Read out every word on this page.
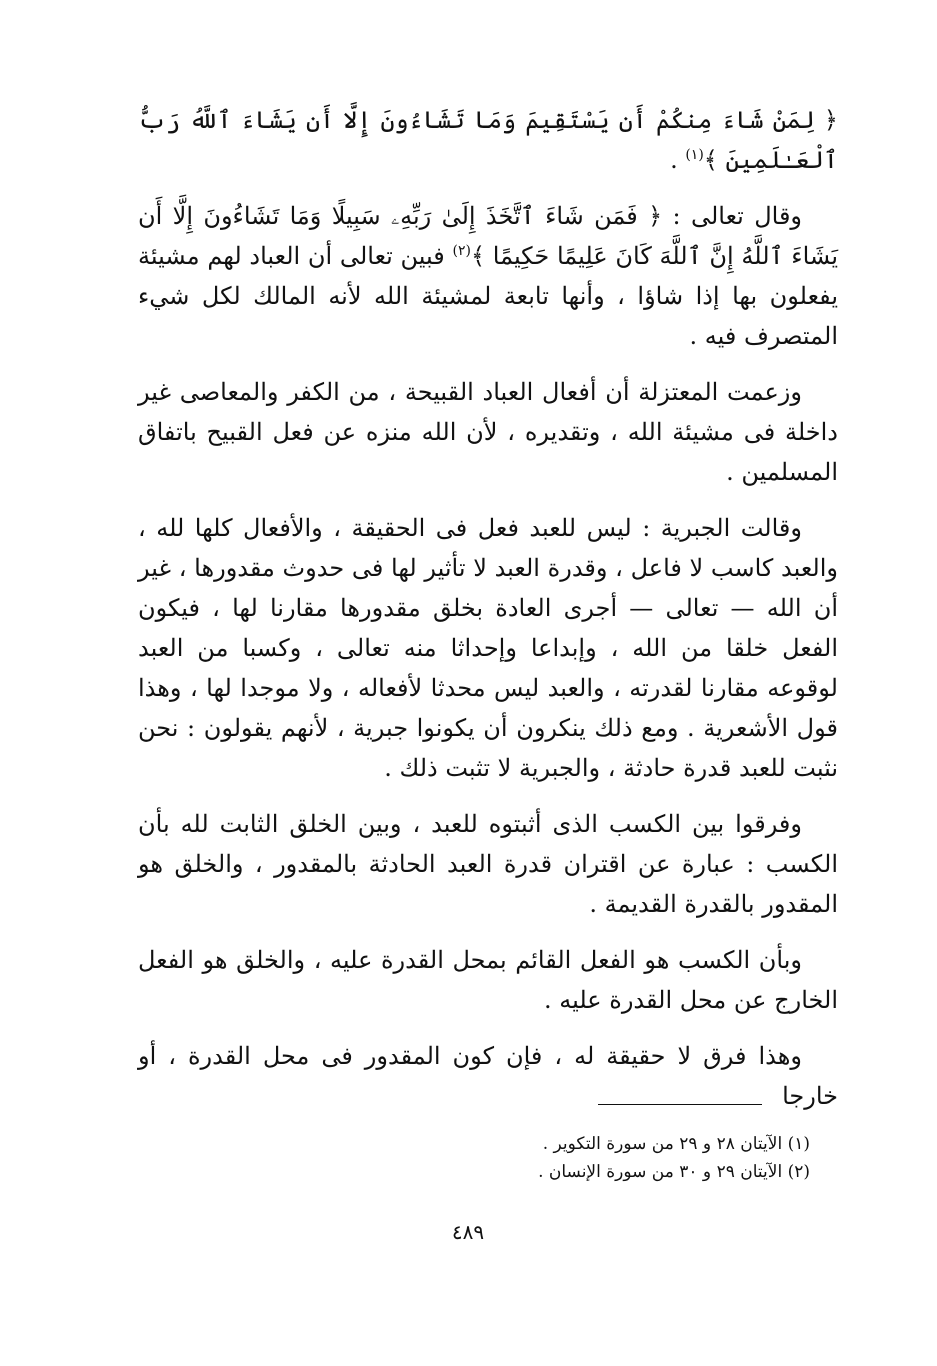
﴿ لِمَنْ شَاءَ مِنكُمْ أَن يَسْتَقِيمَ وَمَا تَشَاءُونَ إِلَّا أَن يَشَاءَ ٱللَّهُ رَبُّ ٱلْعَـٰلَمِينَ ﴾$^{(١)}$ .

وقال تعالى : ﴿ فَمَن شَاءَ ٱتَّخَذَ إِلَىٰ رَبِّهِۦ سَبِيلًا وَمَا تَشَاءُونَ إِلَّا أَن يَشَاءَ ٱللَّهُ إِنَّ ٱللَّهَ كَانَ عَلِيمًا حَكِيمًا ﴾$^{(٢)}$ فبين تعالى أن العباد لهم مشيئة يفعلون بها إذا شاؤا ، وأنها تابعة لمشيئة الله لأنه المالك لكل شيء المتصرف فيه .

وزعمت المعتزلة أن أفعال العباد القبيحة ، من الكفر والمعاصى غير داخلة فى مشيئة الله ، وتقديره ، لأن الله منزه عن فعل القبيح باتفاق المسلمين .

وقالت الجبرية : ليس للعبد فعل فى الحقيقة ، والأفعال كلها لله ، والعبد كاسب لا فاعل ، وقدرة العبد لا تأثير لها فى حدوث مقدورها ، غير أن الله — تعالى — أجرى العادة بخلق مقدورها مقارنا لها ، فيكون الفعل خلقا من الله ، وإبداعا وإحداثا منه تعالى ، وكسبا من العبد لوقوعه مقارنا لقدرته ، والعبد ليس محدثا لأفعاله ، ولا موجدا لها ، وهذا قول الأشعرية . ومع ذلك ينكرون أن يكونوا جبرية ، لأنهم يقولون : نحن نثبت للعبد قدرة حادثة ، والجبرية لا تثبت ذلك .

وفرقوا بين الكسب الذى أثبتوه للعبد ، وبين الخلق الثابت لله بأن الكسب : عبارة عن اقتران قدرة العبد الحادثة بالمقدور ، والخلق هو المقدور بالقدرة القديمة .

وبأن الكسب هو الفعل القائم بمحل القدرة عليه ، والخلق هو الفعل الخارج عن محل القدرة عليه .

وهذا فرق لا حقيقة له ، فإن كون المقدور فى محل القدرة ، أو خارجا

(١) الآيتان ٢٨ و ٢٩ من سورة التكوير .

(٢) الآيتان ٢٩ و ٣٠ من سورة الإنسان .

٤٨٩
